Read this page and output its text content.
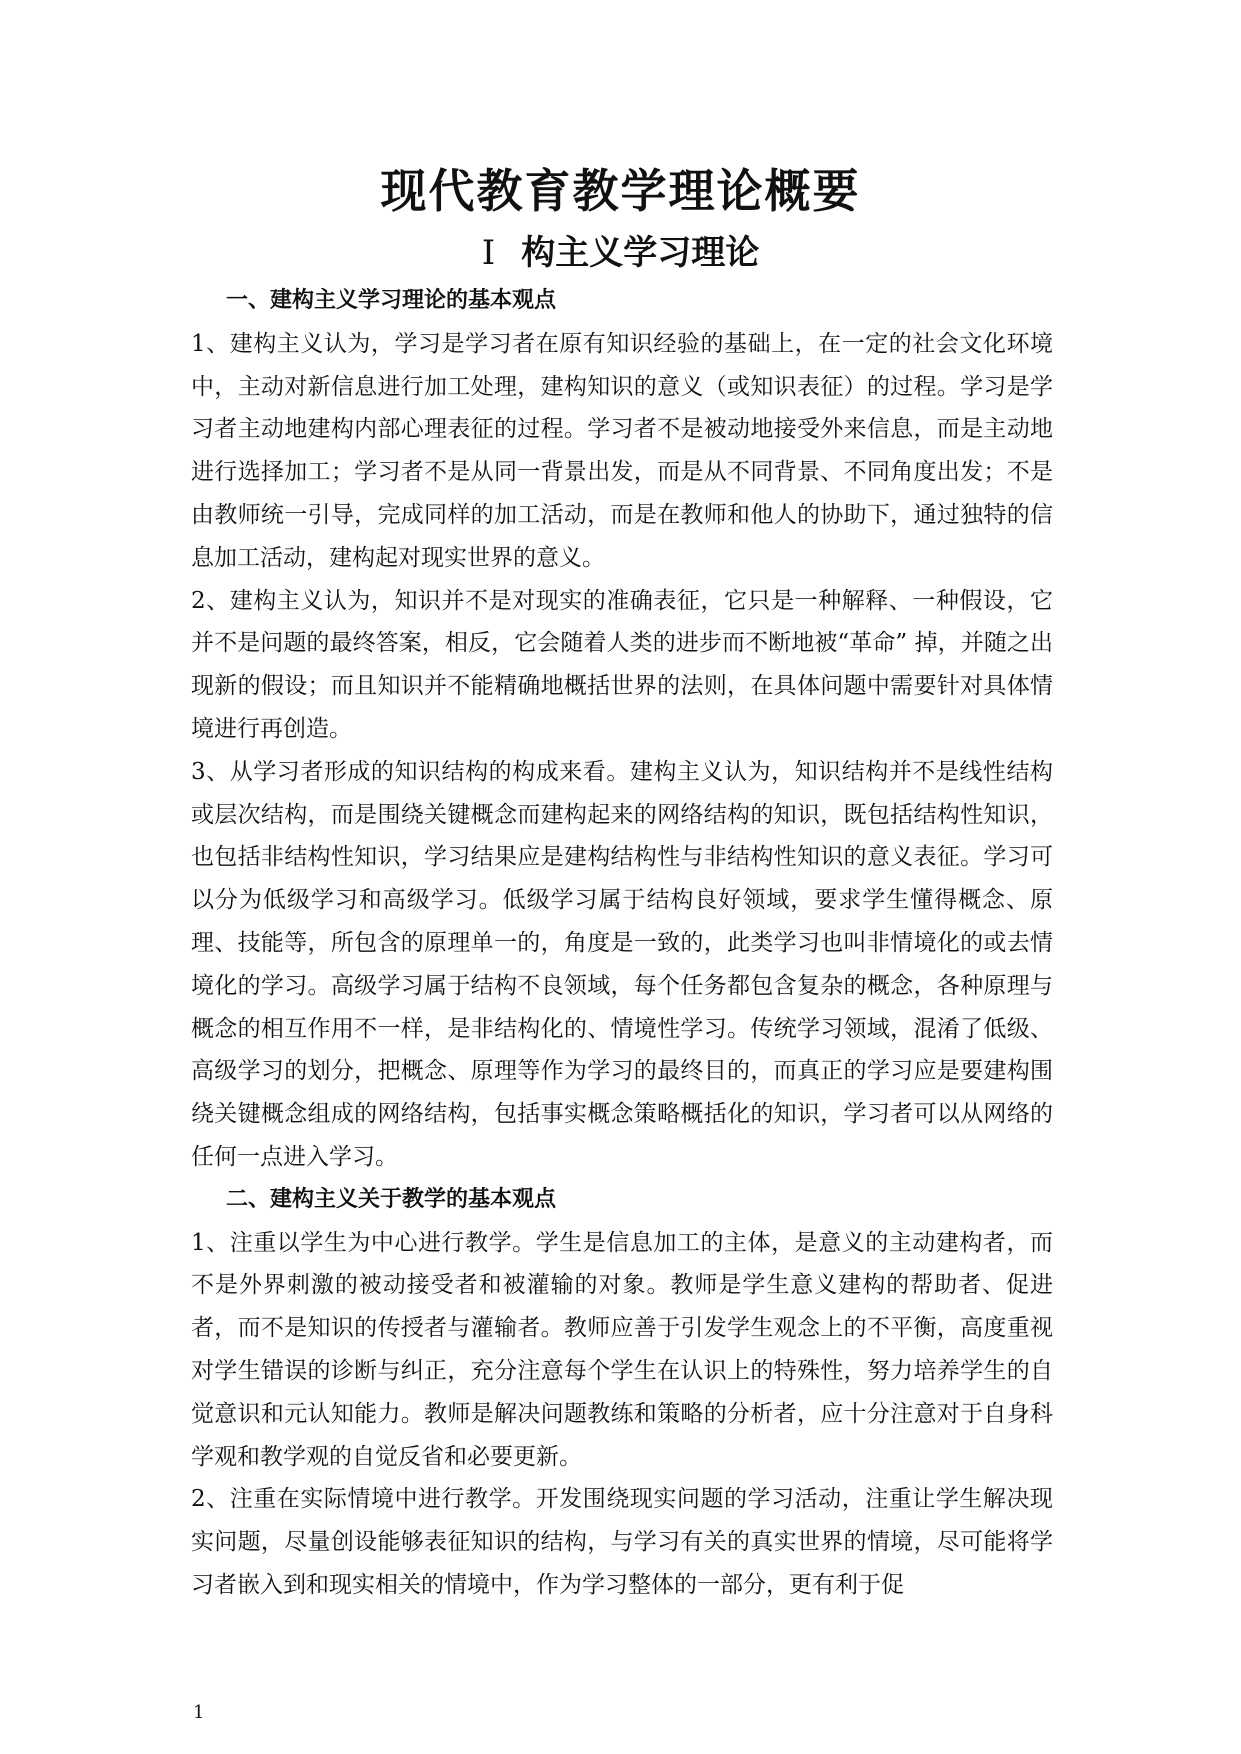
现代教育教学理论概要
Ⅰ 构主义学习理论

一、建构主义学习理论的基本观点

1、建构主义认为，学习是学习者在原有知识经验的基础上，在一定的社会文化环境中，主动对新信息进行加工处理，建构知识的意义（或知识表征）的过程。学习是学习者主动地建构内部心理表征的过程。学习者不是被动地接受外来信息，而是主动地进行选择加工；学习者不是从同一背景出发，而是从不同背景、不同角度出发；不是由教师统一引导，完成同样的加工活动，而是在教师和他人的协助下，通过独特的信息加工活动，建构起对现实世界的意义。

2、建构主义认为，知识并不是对现实的准确表征，它只是一种解释、一种假设，它并不是问题的最终答案，相反，它会随着人类的进步而不断地被“革命” 掉，并随之出现新的假设；而且知识并不能精确地概括世界的法则，在具体问题中需要针对具体情境进行再创造。

3、从学习者形成的知识结构的构成来看。建构主义认为，知识结构并不是线性结构或层次结构，而是围绕关键概念而建构起来的网络结构的知识，既包括结构性知识，也包括非结构性知识，学习结果应是建构结构性与非结构性知识的意义表征。学习可以分为低级学习和高级学习。低级学习属于结构良好领域，要求学生懂得概念、原理、技能等，所包含的原理单一的，角度是一致的，此类学习也叫非情境化的或去情境化的学习。高级学习属于结构不良领域，每个任务都包含复杂的概念，各种原理与概念的相互作用不一样，是非结构化的、情境性学习。传统学习领域，混淆了低级、高级学习的划分，把概念、原理等作为学习的最终目的，而真正的学习应是要建构围绕关键概念组成的网络结构，包括事实概念策略概括化的知识，学习者可以从网络的任何一点进入学习。

二、建构主义关于教学的基本观点

1、注重以学生为中心进行教学。学生是信息加工的主体，是意义的主动建构者，而不是外界刺激的被动接受者和被灌输的对象。教师是学生意义建构的帮助者、促进者，而不是知识的传授者与灌输者。教师应善于引发学生观念上的不平衡，高度重视对学生错误的诊断与纠正，充分注意每个学生在认识上的特殊性，努力培养学生的自觉意识和元认知能力。教师是解决问题教练和策略的分析者，应十分注意对于自身科学观和教学观的自觉反省和必要更新。

2、注重在实际情境中进行教学。开发围绕现实问题的学习活动，注重让学生解决现实问题，尽量创设能够表征知识的结构，与学习有关的真实世界的情境，尽可能将学习者嵌入到和现实相关的情境中，作为学习整体的一部分，更有利于促

1
